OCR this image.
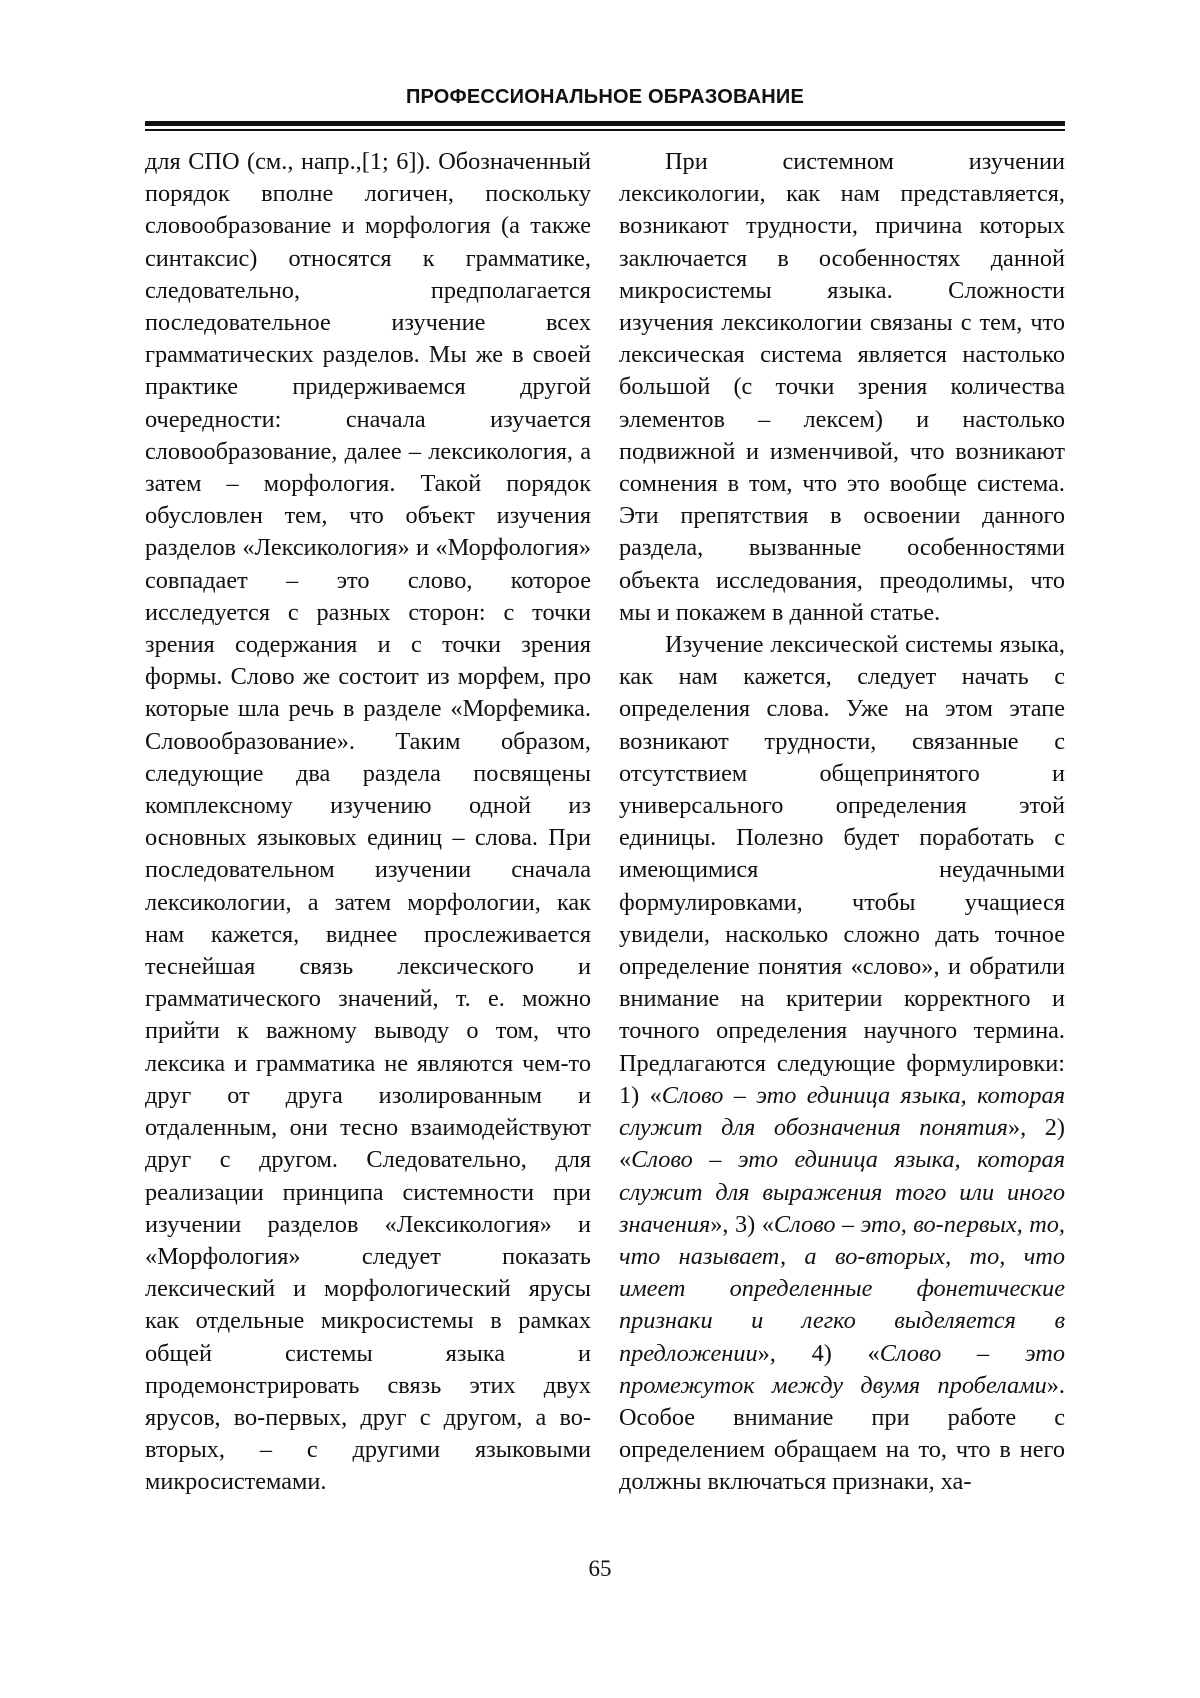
ПРОФЕССИОНАЛЬНОЕ ОБРАЗОВАНИЕ

для СПО (см., напр.,[1; 6]). Обозначенный порядок вполне логичен, поскольку словообразование и морфология (а также синтаксис) относятся к грамматике, следовательно, предполагается последовательное изучение всех грамматических разделов. Мы же в своей практике придерживаемся другой очередности: сначала изучается словообразование, далее – лексикология, а затем – морфология. Такой порядок обусловлен тем, что объект изучения разделов «Лексикология» и «Морфология» совпадает – это слово, которое исследуется с разных сторон: с точки зрения содержания и с точки зрения формы. Слово же состоит из морфем, про которые шла речь в разделе «Морфемика. Словообразование». Таким образом, следующие два раздела посвящены комплексному изучению одной из основных языковых единиц – слова. При последовательном изучении сначала лексикологии, а затем морфологии, как нам кажется, виднее прослеживается теснейшая связь лексического и грамматического значений, т. е. можно прийти к важному выводу о том, что лексика и грамматика не являются чем-то друг от друга изолированным и отдаленным, они тесно взаимодействуют друг с другом. Следовательно, для реализации принципа системности при изучении разделов «Лексикология» и «Морфология» следует показать лексический и морфологический ярусы как отдельные микросистемы в рамках общей системы языка и продемонстрировать связь этих двух ярусов, во-первых, друг с другом, а во-вторых, – с другими языковыми микросистемами.

При системном изучении лексикологии, как нам представляется, возникают трудности, причина которых заключается в особенностях данной микросистемы языка. Сложности изучения лексикологии связаны с тем, что лексическая система является настолько большой (с точки зрения количества элементов – лексем) и настолько подвижной и изменчивой, что возникают сомнения в том, что это вообще система. Эти препятствия в освоении данного раздела, вызванные особенностями объекта исследования, преодолимы, что мы и покажем в данной статье.

Изучение лексической системы языка, как нам кажется, следует начать с определения слова. Уже на этом этапе возникают трудности, связанные с отсутствием общепринятого и универсального определения этой единицы. Полезно будет поработать с имеющимися неудачными формулировками, чтобы учащиеся увидели, насколько сложно дать точное определение понятия «слово», и обратили внимание на критерии корректного и точного определения научного термина. Предлагаются следующие формулировки: 1) «Слово – это единица языка, которая служит для обозначения понятия», 2) «Слово – это единица языка, которая служит для выражения того или иного значения», 3) «Слово – это, во-первых, то, что называет, а во-вторых, то, что имеет определенные фонетические признаки и легко выделяется в предложении», 4) «Слово – это промежуток между двумя пробелами». Особое внимание при работе с определением обращаем на то, что в него должны включаться признаки, ха-

65
